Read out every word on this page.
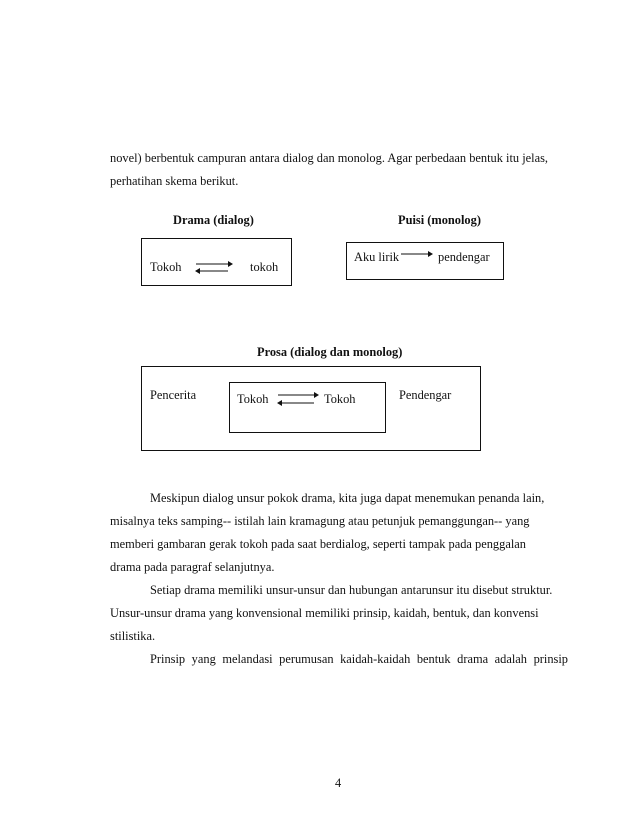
novel) berbentuk campuran antara dialog dan monolog. Agar perbedaan bentuk itu jelas,
perhatihan skema berikut.
Drama (dialog)
Tokoh	tokoh
Puisi (monolog)
Aku lirik	pendengar
Prosa (dialog dan monolog)
Pencerita	Tokoh	Tokoh	Pendengar
Meskipun dialog unsur pokok drama, kita juga dapat menemukan penanda lain,
misalnya teks samping-- istilah lain kramagung atau petunjuk pemanggungan-- yang
memberi gambaran gerak tokoh pada saat berdialog, seperti tampak pada penggalan
drama pada paragraf selanjutnya.
Setiap drama memiliki unsur-unsur dan hubungan antarunsur itu disebut struktur.
Unsur-unsur drama yang konvensional memiliki prinsip, kaidah, bentuk, dan konvensi
stilistika.
Prinsip yang melandasi perumusan kaidah-kaidah bentuk drama adalah prinsip
4
